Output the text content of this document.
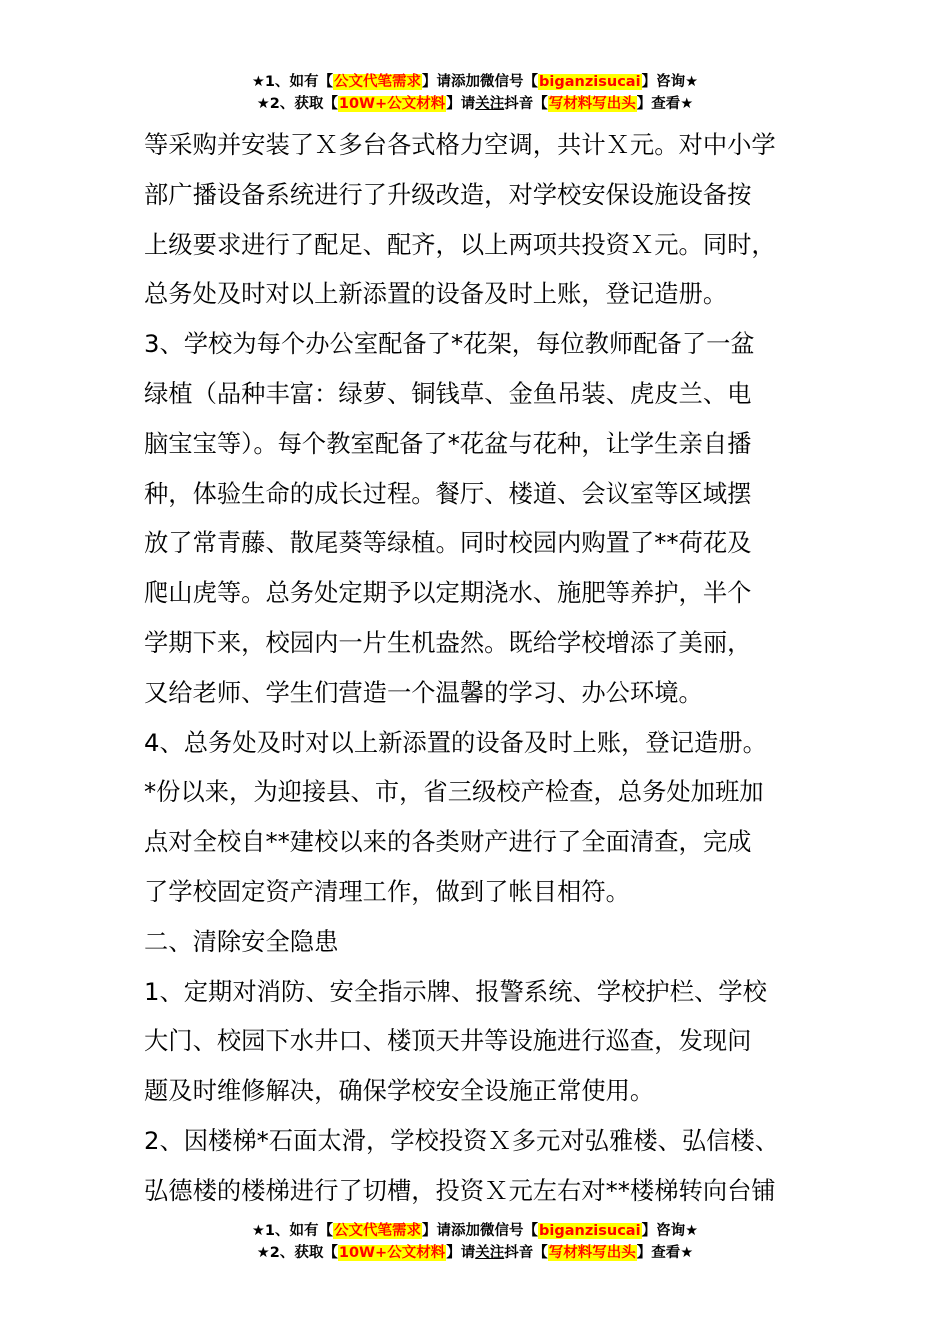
★1、如有【公文代笔需求】请添加微信号【biganzisucai】咨询★
★2、获取【10W+公文材料】请关注抖音【写材料写出头】查看★
等采购并安装了Ｘ多台各式格力空调，共计Ｘ元。对中小学
部广播设备系统进行了升级改造，对学校安保设施设备按
上级要求进行了配足、配齐，以上两项共投资Ｘ元。同时，
总务处及时对以上新添置的设备及时上账，登记造册。
3、学校为每个办公室配备了*花架，每位教师配备了一盆
绿植（品种丰富：绿萝、铜钱草、金鱼吊装、虎皮兰、电
脑宝宝等）。每个教室配备了*花盆与花种，让学生亲自播
种，体验生命的成长过程。餐厅、楼道、会议室等区域摆
放了常青藤、散尾葵等绿植。同时校园内购置了**荷花及
爬山虎等。总务处定期予以定期浇水、施肥等养护，半个
学期下来，校园内一片生机盎然。既给学校增添了美丽，
又给老师、学生们营造一个温馨的学习、办公环境。
4、总务处及时对以上新添置的设备及时上账，登记造册。
*份以来，为迎接县、市，省三级校产检查，总务处加班加
点对全校自**建校以来的各类财产进行了全面清查，完成
了学校固定资产清理工作，做到了帐目相符。
二、清除安全隐患
1、定期对消防、安全指示牌、报警系统、学校护栏、学校
大门、校园下水井口、楼顶天井等设施进行巡查，发现问
题及时维修解决，确保学校安全设施正常使用。
2、因楼梯*石面太滑，学校投资Ｘ多元对弘雅楼、弘信楼、
弘德楼的楼梯进行了切槽，投资Ｘ元左右对**楼梯转向台铺
★1、如有【公文代笔需求】请添加微信号【biganzisucai】咨询★
★2、获取【10W+公文材料】请关注抖音【写材料写出头】查看★
